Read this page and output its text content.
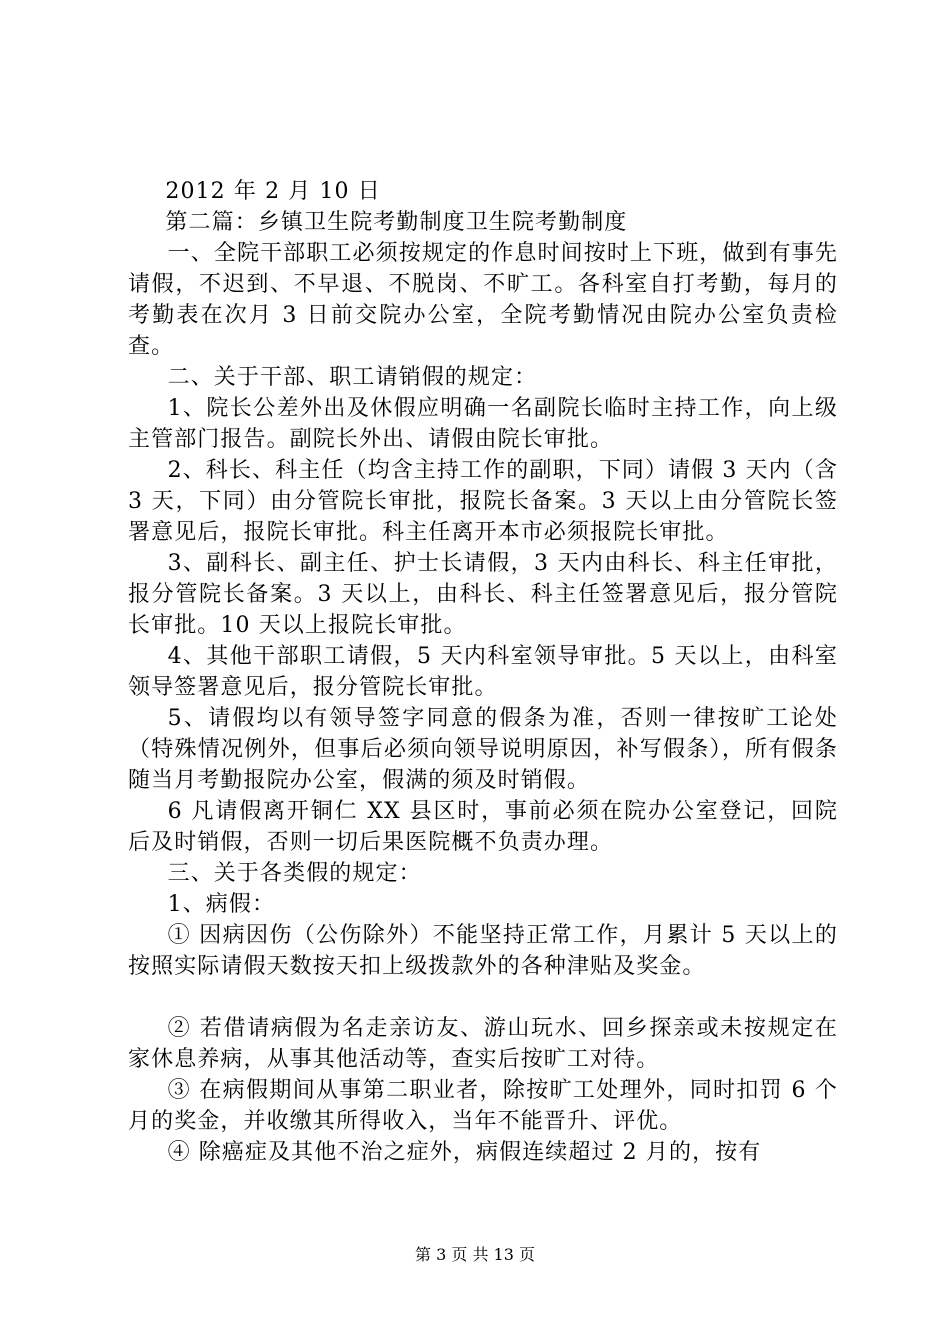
2012 年 2 月 10 日

第二篇：乡镇卫生院考勤制度卫生院考勤制度

一、全院干部职工必须按规定的作息时间按时上下班，做到有事先请假，不迟到、不早退、不脱岗、不旷工。各科室自打考勤，每月的考勤表在次月 3 日前交院办公室，全院考勤情况由院办公室负责检查。

二、关于干部、职工请销假的规定：

1、院长公差外出及休假应明确一名副院长临时主持工作，向上级主管部门报告。副院长外出、请假由院长审批。

2、科长、科主任（均含主持工作的副职，下同）请假 3 天内（含 3 天，下同）由分管院长审批，报院长备案。3 天以上由分管院长签署意见后，报院长审批。科主任离开本市必须报院长审批。

3、副科长、副主任、护士长请假，3 天内由科长、科主任审批，报分管院长备案。3 天以上，由科长、科主任签署意见后，报分管院长审批。10 天以上报院长审批。

4、其他干部职工请假，5 天内科室领导审批。5 天以上，由科室领导签署意见后，报分管院长审批。

5、请假均以有领导签字同意的假条为准，否则一律按旷工论处（特殊情况例外，但事后必须向领导说明原因，补写假条），所有假条随当月考勤报院办公室，假满的须及时销假。

6 凡请假离开铜仁 XX 县区时，事前必须在院办公室登记，回院后及时销假，否则一切后果医院概不负责办理。

三、关于各类假的规定：

1、病假：

① 因病因伤（公伤除外）不能坚持正常工作，月累计 5 天以上的按照实际请假天数按天扣上级拨款外的各种津贴及奖金。

② 若借请病假为名走亲访友、游山玩水、回乡探亲或未按规定在家休息养病，从事其他活动等，查实后按旷工对待。

③ 在病假期间从事第二职业者，除按旷工处理外，同时扣罚 6 个月的奖金，并收缴其所得收入，当年不能晋升、评优。

④ 除癌症及其他不治之症外，病假连续超过 2 月的，按有

第 3 页 共 13 页
